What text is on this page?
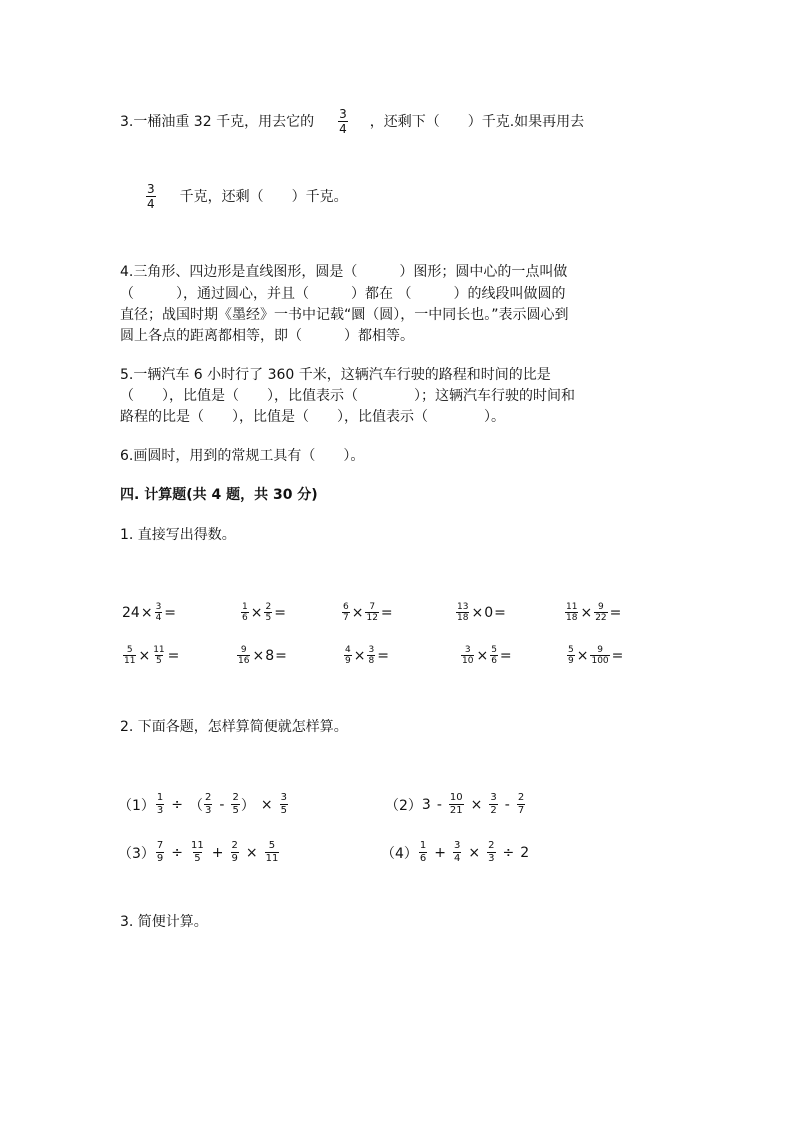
3.一桶油重 32 千克，用去它的 $\frac{3}{4}$ ，还剩下（　　）千克.如果再用去
$\frac{3}{4}$ 千克，还剩（　　）千克。
4.三角形、四边形是直线图形，圆是（　　　）图形；圆中心的一点叫做
（　　　），通过圆心，并且（　　　）都在 （　　　）的线段叫做圆的
直径；战国时期《墨经》一书中记载“圜（圆），一中同长也。”表示圆心到
圆上各点的距离都相等，即（　　　）都相等。
5.一辆汽车 6 小时行了 360 千米，这辆汽车行驶的路程和时间的比是
（　　），比值是（　　），比值表示（　　　　）；这辆汽车行驶的时间和
路程的比是（　　），比值是（　　），比值表示（　　　　）。
6.画圆时，用到的常规工具有（　　）。
四. 计算题(共 4 题，共 30 分)
1. 直接写出得数。
$24 \times \frac{3}{4}$ =	$\frac{1}{6} \times \frac{2}{5}$ =	$\frac{6}{7} \times \frac{7}{12}$ =	$\frac{13}{18} \times 0$ =	$\frac{11}{18} \times \frac{9}{22}$ =
$\frac{5}{11} \times \frac{11}{5}$ =	$\frac{9}{16} \times 8$ =	$\frac{4}{9} \times \frac{3}{8}$ =	$\frac{3}{10} \times \frac{5}{6}$ =	$\frac{5}{9} \times \frac{9}{100}$ =
2. 下面各题，怎样算简便就怎样算。
$(1) \frac{1}{3}$ ÷ （ $\frac{2}{3} - \frac{2}{5}$ ） × $\frac{3}{5}$	（2） $3 - \frac{10}{21} \times \frac{3}{2} - \frac{2}{7}$
$(3) \frac{7}{9} \div \frac{11}{5} + \frac{2}{9} \times \frac{5}{11}$	$(4) \frac{1}{6} + \frac{3}{4} \times \frac{2}{3} \div 2$
3. 简便计算。
